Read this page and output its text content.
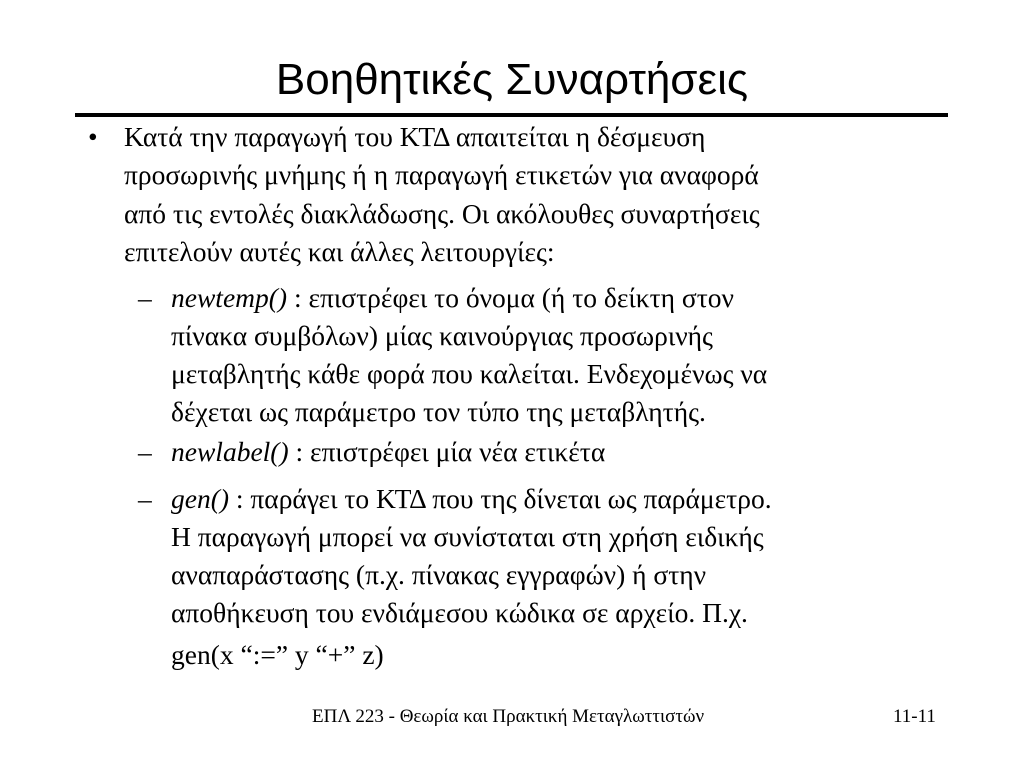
Βοηθητικές Συναρτήσεις
• Κατά την παραγωγή του ΚΤΔ απαιτείται η δέσμευση
προσωρινής μνήμης ή η παραγωγή ετικετών για αναφορά
από τις εντολές διακλάδωσης. Οι ακόλουθες συναρτήσεις
επιτελούν αυτές και άλλες λειτουργίες:
– newtemp() : επιστρέφει το όνομα (ή το δείκτη στον
πίνακα συμβόλων) μίας καινούργιας προσωρινής
μεταβλητής κάθε φορά που καλείται. Ενδεχομένως να
δέχεται ως παράμετρο τον τύπο της μεταβλητής.
– newlabel() : επιστρέφει μία νέα ετικέτα
– gen() : παράγει το ΚΤΔ που της δίνεται ως παράμετρο.
Η παραγωγή μπορεί να συνίσταται στη χρήση ειδικής
αναπαράστασης (π.χ. πίνακας εγγραφών) ή στην
αποθήκευση του ενδιάμεσου κώδικα σε αρχείο. Π.χ.
gen(x “:=” y “+” z)
ΕΠΛ 223 - Θεωρία και Πρακτική Μεταγλωττιστών	11-11
